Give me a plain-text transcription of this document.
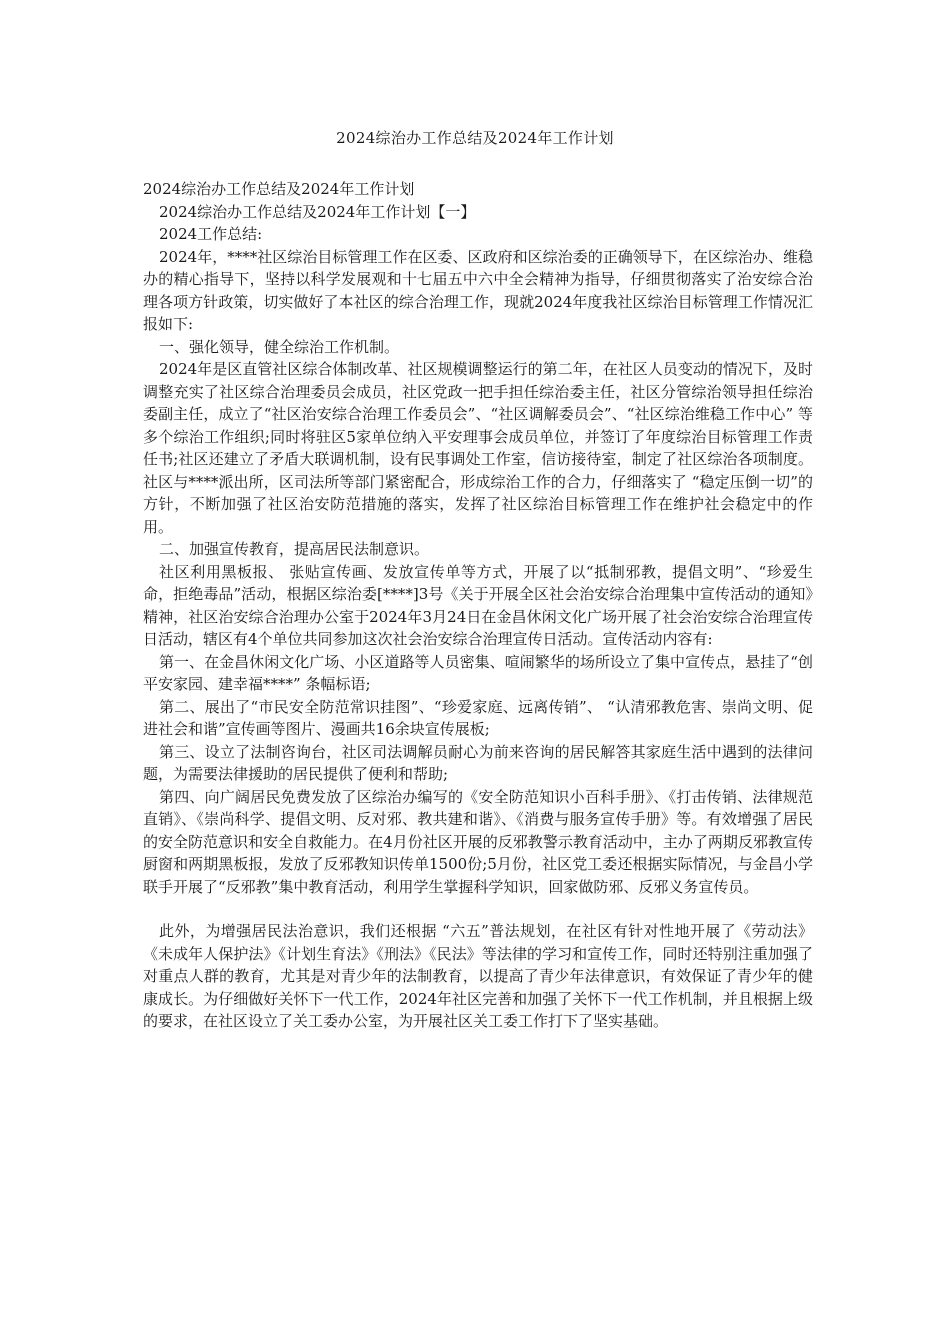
2024综治办工作总结及2024年工作计划

2024综治办工作总结及2024年工作计划

2024综治办工作总结及2024年工作计划【一】

2024工作总结:

2024年，****社区综治目标管理工作在区委、区政府和区综治委的正确领导下，在区综治办、维稳办的精心指导下，坚持以科学发展观和十七届五中六中全会精神为指导，仔细贯彻落实了治安综合治理各项方针政策，切实做好了本社区的综合治理工作，现就2024年度我社区综治目标管理工作情况汇报如下:

一、强化领导，健全综治工作机制。

2024年是区直管社区综合体制改革、社区规模调整运行的第二年，在社区人员变动的情况下，及时调整充实了社区综合治理委员会成员，社区党政一把手担任综治委主任，社区分管综治领导担任综治委副主任，成立了“社区治安综合治理工作委员会”、“社区调解委员会”、“社区综治维稳工作中心” 等多个综治工作组织;同时将驻区5家单位纳入平安理事会成员单位，并签订了年度综治目标管理工作责任书;社区还建立了矛盾大联调机制，设有民事调处工作室，信访接待室，制定了社区综治各项制度。社区与****派出所，区司法所等部门紧密配合，形成综治工作的合力，仔细落实了 “稳定压倒一切”的方针，不断加强了社区治安防范措施的落实，发挥了社区综治目标管理工作在维护社会稳定中的作用。

二、加强宣传教育，提高居民法制意识。

社区利用黑板报、 张贴宣传画、发放宣传单等方式，开展了以“抵制邪教，提倡文明”、“珍爱生命，拒绝毒品”活动，根据区综治委[****]3号《关于开展全区社会治安综合治理集中宣传活动的通知》精神，社区治安综合治理办公室于2024年3月24日在金昌休闲文化广场开展了社会治安综合治理宣传日活动，辖区有4个单位共同参加这次社会治安综合治理宣传日活动。宣传活动内容有:

第一、在金昌休闲文化广场、小区道路等人员密集、喧闹繁华的场所设立了集中宣传点，悬挂了“创平安家园、建幸福****” 条幅标语;

第二、展出了“市民安全防范常识挂图”、“珍爱家庭、远离传销”、 “认清邪教危害、崇尚文明、促进社会和谐”宣传画等图片、漫画共16余块宣传展板;

第三、设立了法制咨询台，社区司法调解员耐心为前来咨询的居民解答其家庭生活中遇到的法律问题，为需要法律援助的居民提供了便利和帮助;

第四、向广阔居民免费发放了区综治办编写的《安全防范知识小百科手册》、《打击传销、法律规范直销》、《崇尚科学、提倡文明、反对邪、教共建和谐》、《消费与服务宣传手册》等。有效增强了居民的安全防范意识和安全自救能力。在4月份社区开展的反邪教警示教育活动中，主办了两期反邪教宣传厨窗和两期黑板报，发放了反邪教知识传单1500份;5月份，社区党工委还根据实际情况，与金昌小学联手开展了“反邪教”集中教育活动，利用学生掌握科学知识，回家做防邪、反邪义务宣传员。

此外，为增强居民法治意识，我们还根据 “六五”普法规划，在社区有针对性地开展了《劳动法》《未成年人保护法》《计划生育法》《刑法》《民法》等法律的学习和宣传工作，同时还特别注重加强了对重点人群的教育，尤其是对青少年的法制教育，以提高了青少年法律意识，有效保证了青少年的健康成长。为仔细做好关怀下一代工作，2024年社区完善和加强了关怀下一代工作机制，并且根据上级的要求，在社区设立了关工委办公室，为开展社区关工委工作打下了坚实基础。
